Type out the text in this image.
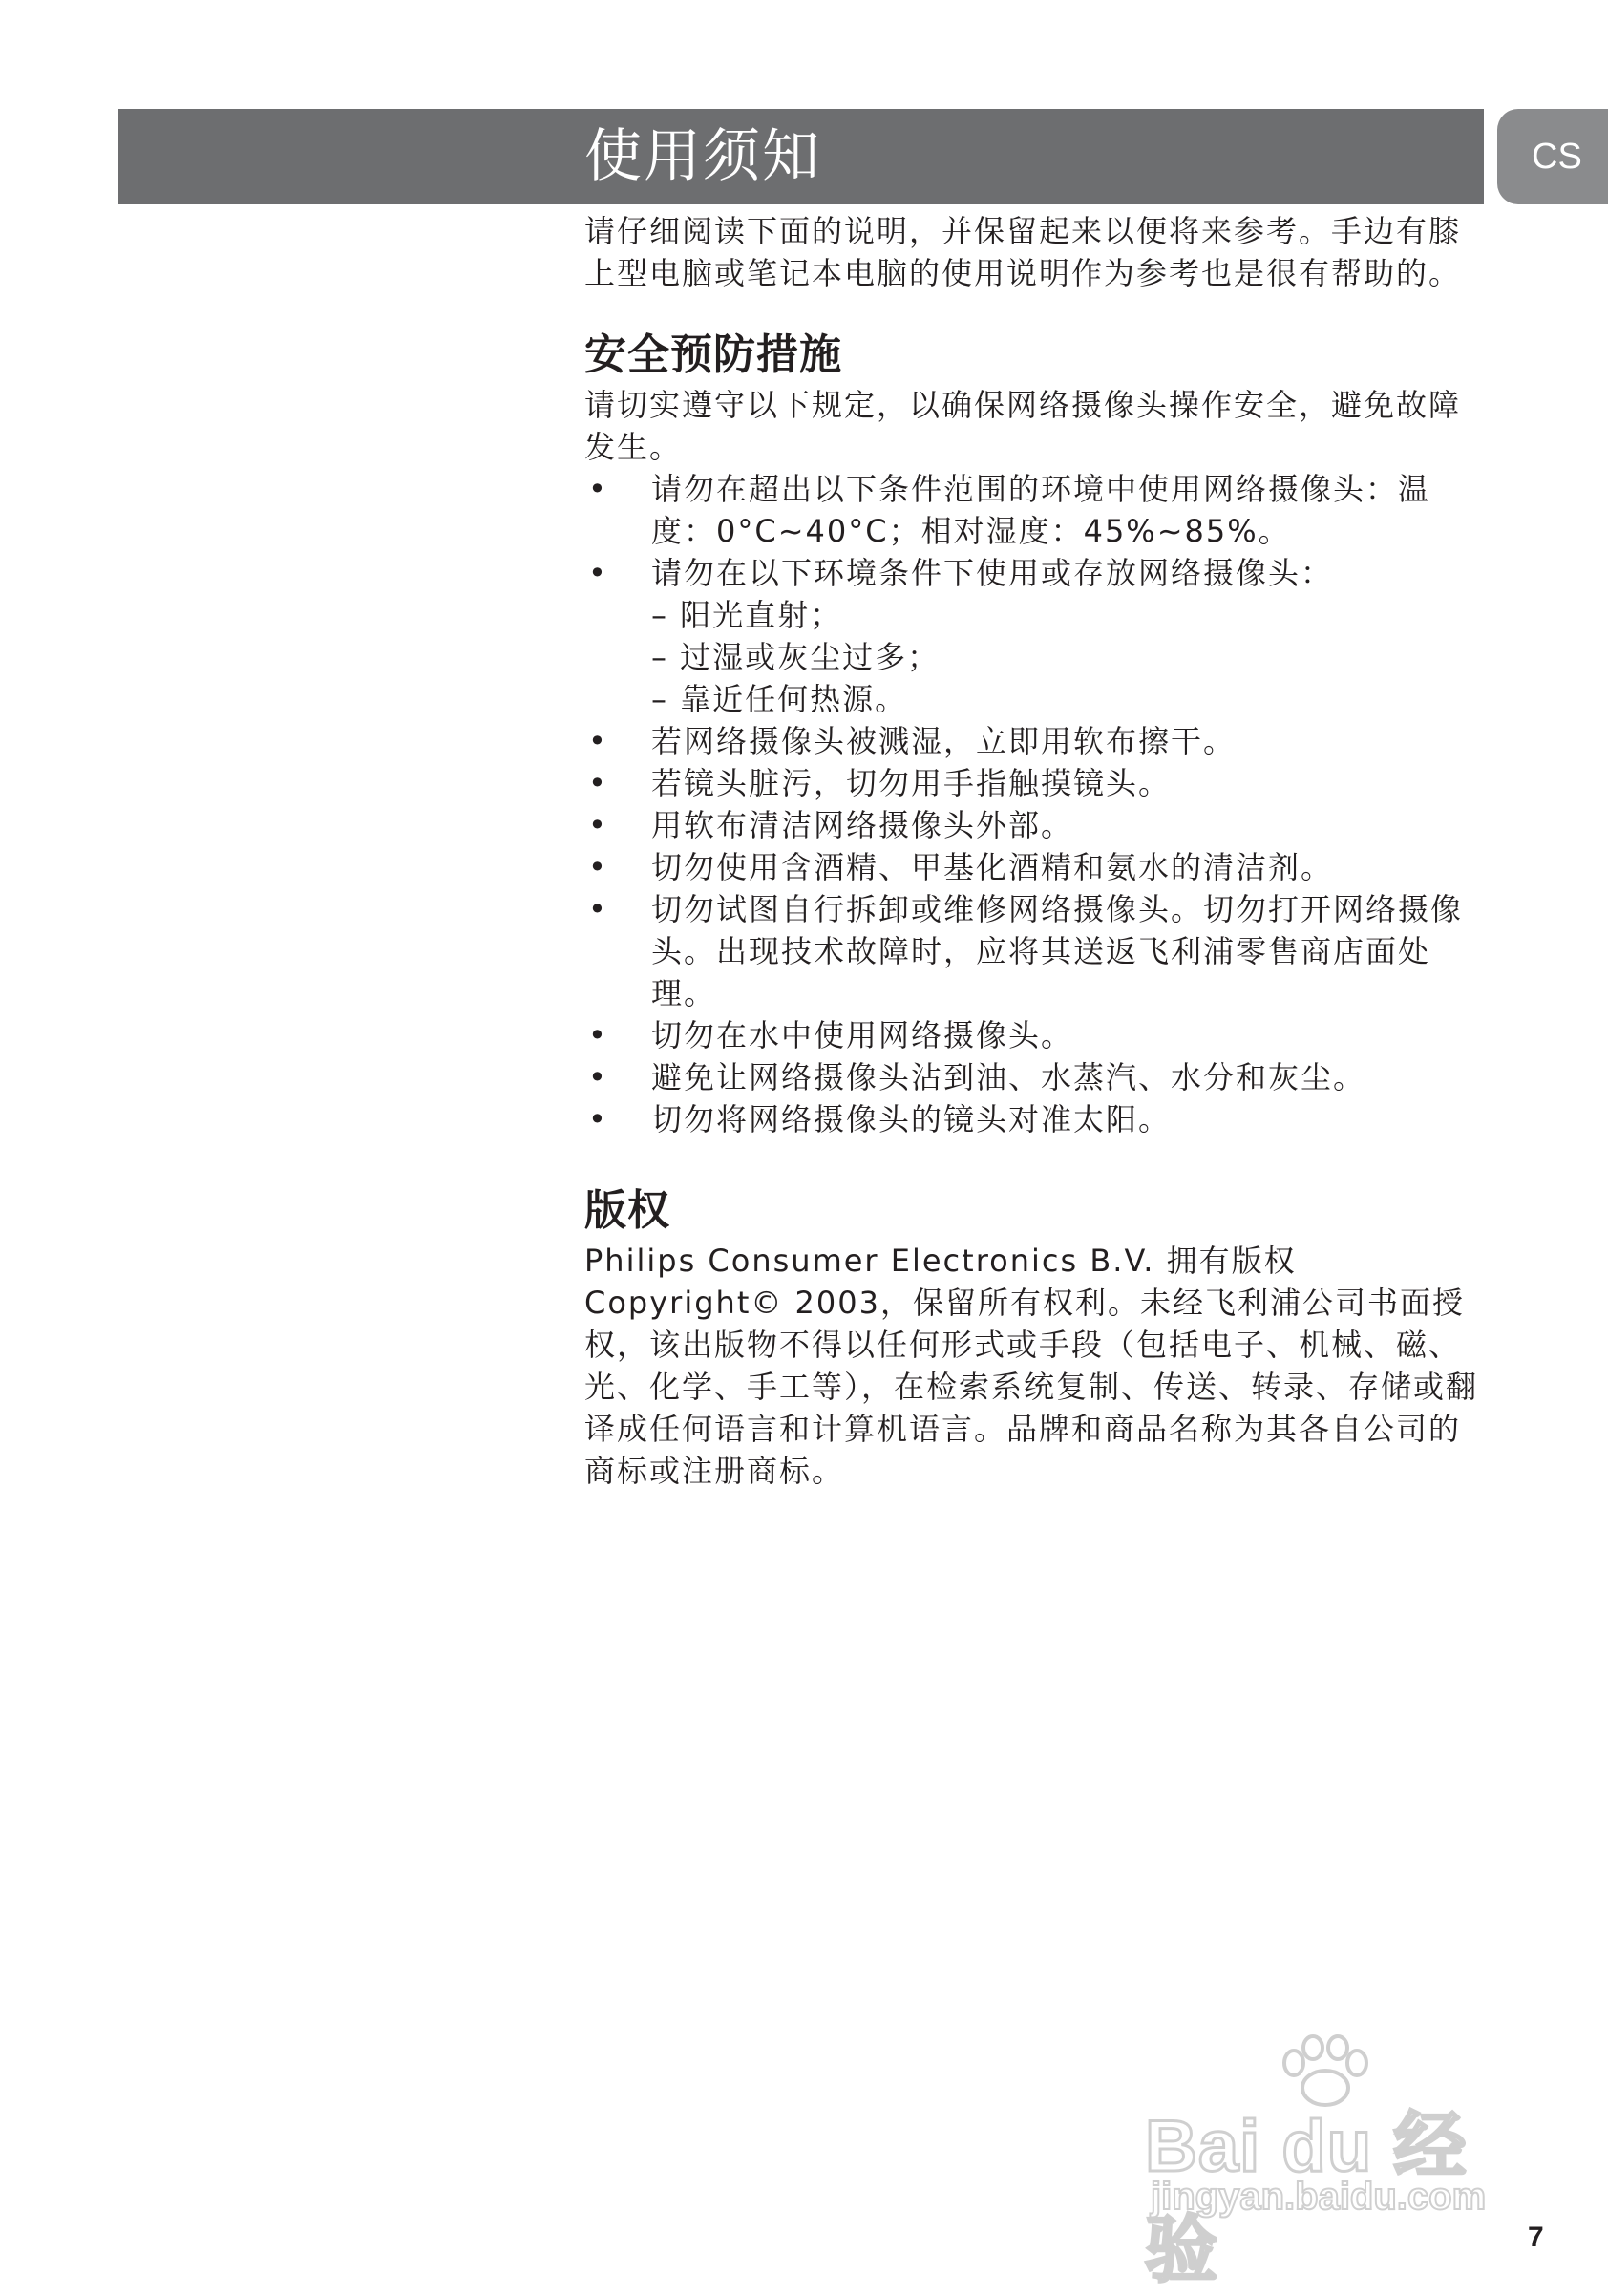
使用须知	CS

请仔细阅读下面的说明，并保留起来以便将来参考。手边有膝上型电脑或笔记本电脑的使用说明作为参考也是很有帮助的。

安全预防措施

请切实遵守以下规定，以确保网络摄像头操作安全，避免故障发生。

• 请勿在超出以下条件范围的环境中使用网络摄像头：温度：0°C~40°C；相对湿度：45%~85%。
• 请勿在以下环境条件下使用或存放网络摄像头：
– 阳光直射；
– 过湿或灰尘过多；
– 靠近任何热源。
• 若网络摄像头被溅湿，立即用软布擦干。
• 若镜头脏污，切勿用手指触摸镜头。
• 用软布清洁网络摄像头外部。
• 切勿使用含酒精、甲基化酒精和氨水的清洁剂。
• 切勿试图自行拆卸或维修网络摄像头。切勿打开网络摄像头。出现技术故障时，应将其送返飞利浦零售商店面处理。
• 切勿在水中使用网络摄像头。
• 避免让网络摄像头沾到油、水蒸汽、水分和灰尘。
• 切勿将网络摄像头的镜头对准太阳。
版权

Philips Consumer Electronics B.V. 拥有版权 Copyright© 2003，保留所有权利。未经飞利浦公司书面授权，该出版物不得以任何形式或手段（包括电子、机械、磁、光、化学、手工等），在检索系统复制、传送、转录、存储或翻译成任何语言和计算机语言。品牌和商品名称为其各自公司的商标或注册商标。

Bai du 经验
jingyan.baidu.com
7
